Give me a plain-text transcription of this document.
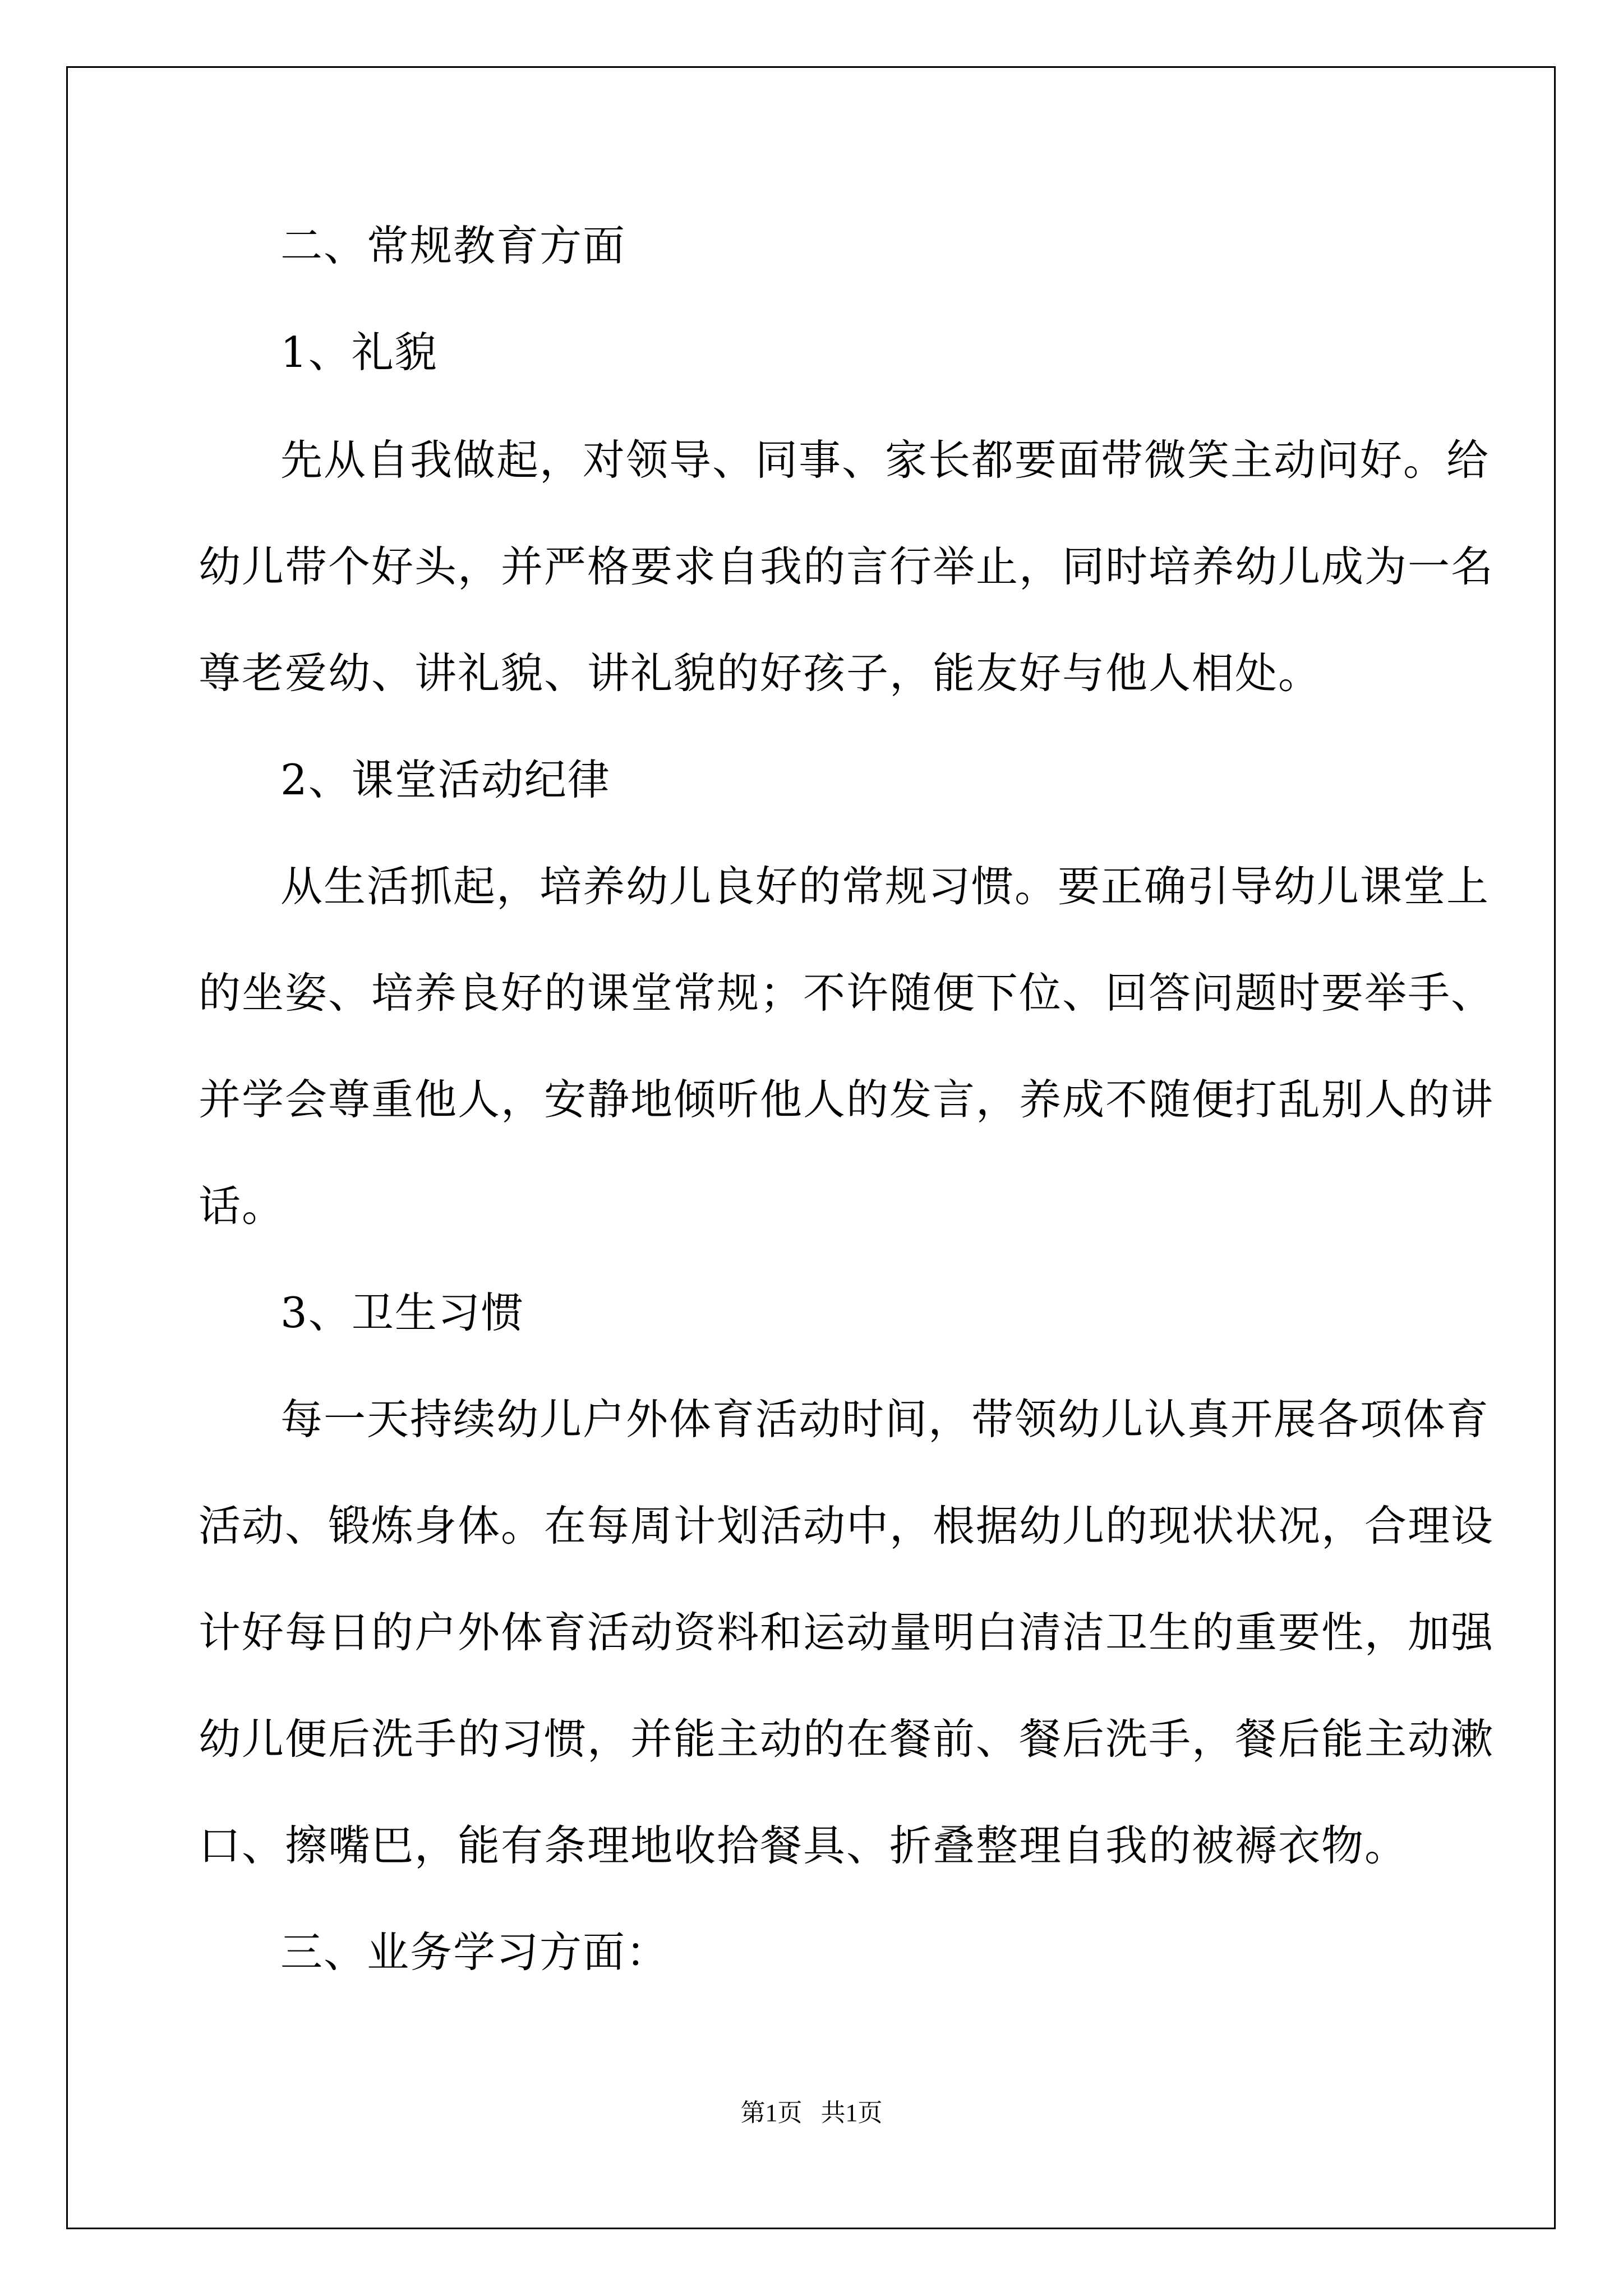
二、常规教育方面
1、礼貌
先从自我做起，对领导、同事、家长都要面带微笑主动问好。给
幼儿带个好头，并严格要求自我的言行举止，同时培养幼儿成为一名
尊老爱幼、讲礼貌、讲礼貌的好孩子，能友好与他人相处。
2、课堂活动纪律
从生活抓起，培养幼儿良好的常规习惯。要正确引导幼儿课堂上
的坐姿、培养良好的课堂常规；不许随便下位、回答问题时要举手、
并学会尊重他人，安静地倾听他人的发言，养成不随便打乱别人的讲
话。
3、卫生习惯
每一天持续幼儿户外体育活动时间，带领幼儿认真开展各项体育
活动、锻炼身体。在每周计划活动中，根据幼儿的现状状况，合理设
计好每日的户外体育活动资料和运动量明白清洁卫生的重要性，加强
幼儿便后洗手的习惯，并能主动的在餐前、餐后洗手，餐后能主动漱
口、擦嘴巴，能有条理地收拾餐具、折叠整理自我的被褥衣物。
三、业务学习方面：
第1页   共1页
